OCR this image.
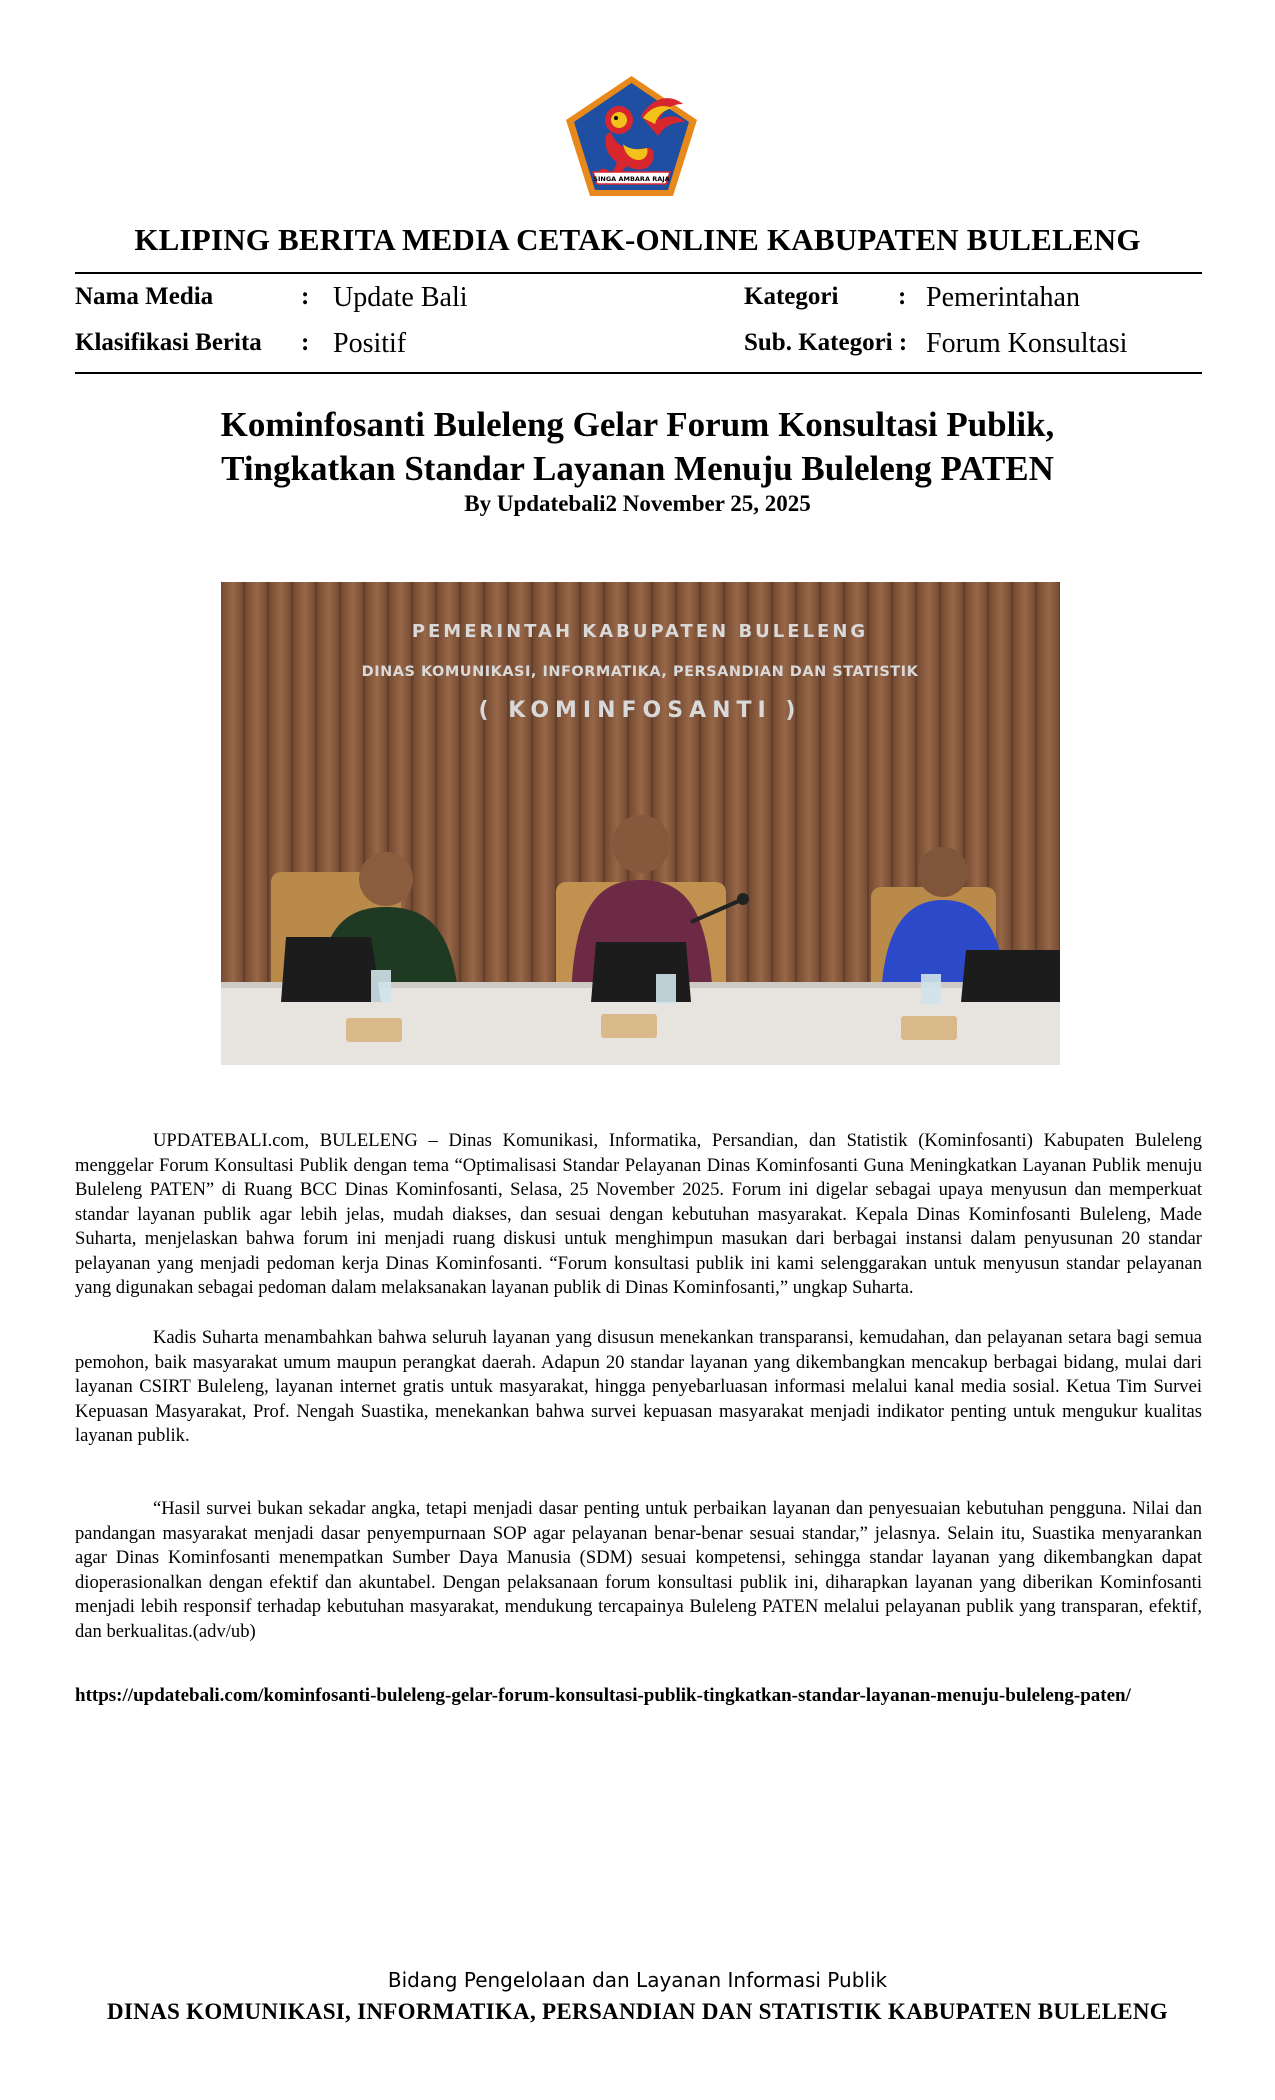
SINGA AMBARA RAJA
KLIPING BERITA MEDIA CETAK-ONLINE KABUPATEN BULELENG
Nama Media	: Update Bali
Klasifikasi Berita : Positif
Kategori : Pemerintahan
Sub. Kategori : Forum Konsultasi
Kominfosanti Buleleng Gelar Forum Konsultasi Publik,
Tingkatkan Standar Layanan Menuju Buleleng PATEN
By Updatebali2 November 25, 2025
PEMERINTAH KABUPATEN BULELENG
DINAS KOMUNIKASI, INFORMATIKA, PERSANDIAN DAN STATISTIK
( KOMINFOSANTI )
UPDATEBALI.com, BULELENG – Dinas Komunikasi, Informatika, Persandian, dan Statistik (Kominfosanti) Kabupaten Buleleng menggelar Forum Konsultasi Publik dengan tema “Optimalisasi Standar Pelayanan Dinas Kominfosanti Guna Meningkatkan Layanan Publik menuju Buleleng PATEN” di Ruang BCC Dinas Kominfosanti, Selasa, 25 November 2025. Forum ini digelar sebagai upaya menyusun dan memperkuat standar layanan publik agar lebih jelas, mudah diakses, dan sesuai dengan kebutuhan masyarakat. Kepala Dinas Kominfosanti Buleleng, Made Suharta, menjelaskan bahwa forum ini menjadi ruang diskusi untuk menghimpun masukan dari berbagai instansi dalam penyusunan 20 standar pelayanan yang menjadi pedoman kerja Dinas Kominfosanti. “Forum konsultasi publik ini kami selenggarakan untuk menyusun standar pelayanan yang digunakan sebagai pedoman dalam melaksanakan layanan publik di Dinas Kominfosanti,” ungkap Suharta.
Kadis Suharta menambahkan bahwa seluruh layanan yang disusun menekankan transparansi, kemudahan, dan pelayanan setara bagi semua pemohon, baik masyarakat umum maupun perangkat daerah. Adapun 20 standar layanan yang dikembangkan mencakup berbagai bidang, mulai dari layanan CSIRT Buleleng, layanan internet gratis untuk masyarakat, hingga penyebarluasan informasi melalui kanal media sosial. Ketua Tim Survei Kepuasan Masyarakat, Prof. Nengah Suastika, menekankan bahwa survei kepuasan masyarakat menjadi indikator penting untuk mengukur kualitas layanan publik.
“Hasil survei bukan sekadar angka, tetapi menjadi dasar penting untuk perbaikan layanan dan penyesuaian kebutuhan pengguna. Nilai dan pandangan masyarakat menjadi dasar penyempurnaan SOP agar pelayanan benar-benar sesuai standar,” jelasnya. Selain itu, Suastika menyarankan agar Dinas Kominfosanti menempatkan Sumber Daya Manusia (SDM) sesuai kompetensi, sehingga standar layanan yang dikembangkan dapat dioperasionalkan dengan efektif dan akuntabel. Dengan pelaksanaan forum konsultasi publik ini, diharapkan layanan yang diberikan Kominfosanti menjadi lebih responsif terhadap kebutuhan masyarakat, mendukung tercapainya Buleleng PATEN melalui pelayanan publik yang transparan, efektif, dan berkualitas.(adv/ub)
https://updatebali.com/kominfosanti-buleleng-gelar-forum-konsultasi-publik-tingkatkan-standar-layanan-menuju-buleleng-paten/
Bidang Pengelolaan dan Layanan Informasi Publik
DINAS KOMUNIKASI, INFORMATIKA, PERSANDIAN DAN STATISTIK KABUPATEN BULELENG
